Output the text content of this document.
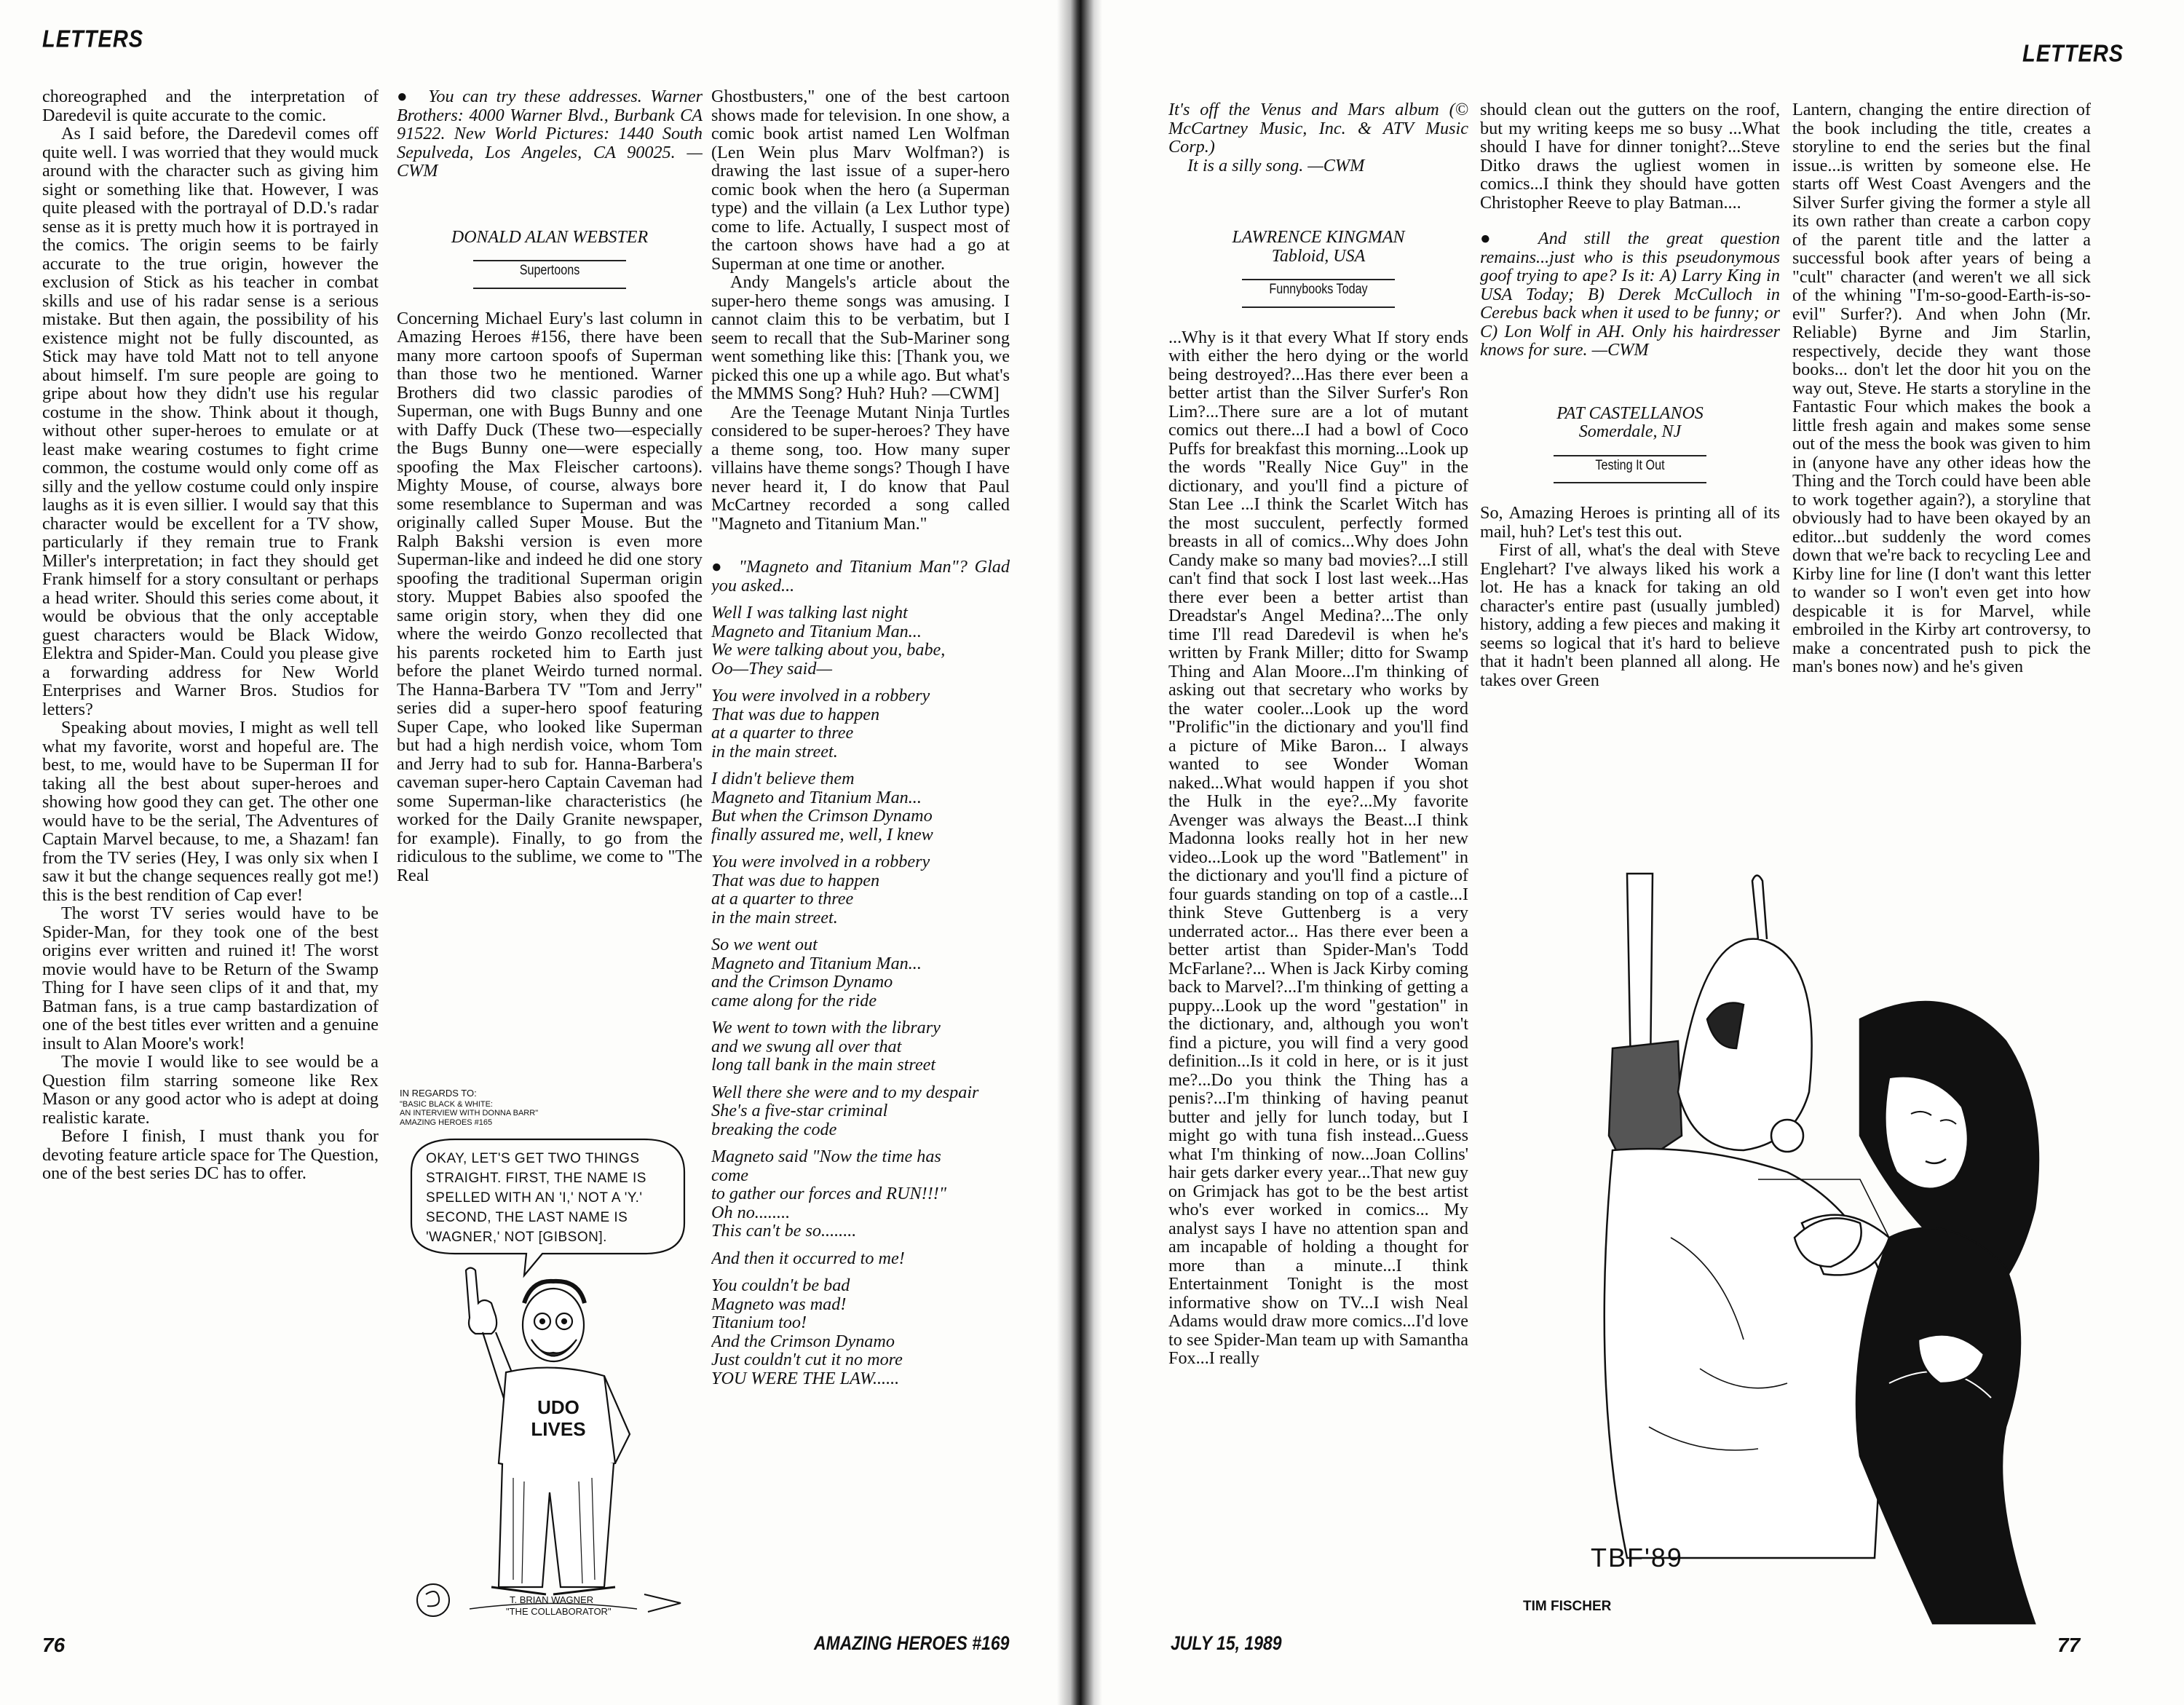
LETTERS

choreographed and the interpretation of Daredevil is quite accurate to the comic.

As I said before, the Daredevil comes off quite well. I was worried that they would muck around with the character such as giving him sight or something like that. However, I was quite pleased with the portrayal of D.D.'s radar sense as it is pretty much how it is portrayed in the comics. The origin seems to be fairly accurate to the true origin, however the exclusion of Stick as his teacher in combat skills and use of his radar sense is a serious mistake. But then again, the possibility of his existence might not be fully discounted, as Stick may have told Matt not to tell anyone about himself. I'm sure people are going to gripe about how they didn't use his regular costume in the show. Think about it though, without other super-heroes to emulate or at least make wearing costumes to fight crime common, the costume would only come off as silly and the yellow costume could only inspire laughs as it is even sillier. I would say that this character would be excellent for a TV show, particularly if they remain true to Frank Miller's interpretation; in fact they should get Frank himself for a story consultant or perhaps a head writer. Should this series come about, it would be obvious that the only acceptable guest characters would be Black Widow, Elektra and Spider-Man. Could you please give a forwarding address for New World Enterprises and Warner Bros. Studios for letters?

Speaking about movies, I might as well tell what my favorite, worst and hopeful are. The best, to me, would have to be Superman II for taking all the best about super-heroes and showing how good they can get. The other one would have to be the serial, The Adventures of Captain Marvel because, to me, a Shazam! fan from the TV series (Hey, I was only six when I saw it but the change sequences really got me!) this is the best rendition of Cap ever!

The worst TV series would have to be Spider-Man, for they took one of the best origins ever written and ruined it! The worst movie would have to be Return of the Swamp Thing for I have seen clips of it and that, my Batman fans, is a true camp bastardization of one of the best titles ever written and a genuine insult to Alan Moore's work!

The movie I would like to see would be a Question film starring someone like Rex Mason or any good actor who is adept at doing realistic karate.

Before I finish, I must thank you for devoting feature article space for The Question, one of the best series DC has to offer.

●  You can try these addresses. Warner Brothers: 4000 Warner Blvd., Burbank CA 91522. New World Pictures: 1440 South Sepulveda, Los Angeles, CA 90025. —CWM

DONALD ALAN WEBSTER

Supertoons

Concerning Michael Eury's last column in Amazing Heroes #156, there have been many more cartoon spoofs of Superman than those two he mentioned. Warner Brothers did two classic parodies of Superman, one with Bugs Bunny and one with Daffy Duck (These two—especially the Bugs Bunny one—were especially spoofing the Max Fleischer cartoons). Mighty Mouse, of course, always bore some resemblance to Superman and was originally called Super Mouse. But the Ralph Bakshi version is even more Superman-like and indeed he did one story spoofing the traditional Superman origin story. Muppet Babies also spoofed the same origin story, when they did one where the weirdo Gonzo recollected that his parents rocketed him to Earth just before the planet Weirdo turned normal. The Hanna-Barbera TV "Tom and Jerry" series did a super-hero spoof featuring Super Cape, who looked like Superman but had a high nerdish voice, whom Tom and Jerry had to sub for. Hanna-Barbera's caveman super-hero Captain Caveman had some Superman-like characteristics (he worked for the Daily Granite newspaper, for example). Finally, to go from the ridiculous to the sublime, we come to "The Real

IN REGARDS TO:
"BASIC BLACK & WHITE:
AN INTERVIEW WITH DONNA BARR"
AMAZING HEROES #165
OKAY, LET'S GET TWO THINGS
STRAIGHT. FIRST, THE NAME IS
SPELLED WITH AN 'I,' NOT A 'Y.'
SECOND, THE LAST NAME IS
'WAGNER,' NOT [GIBSON].
UDO
LIVES
T. BRIAN WAGNER
"THE COLLABORATOR"

Ghostbusters," one of the best cartoon shows made for television. In one show, a comic book artist named Len Wolfman (Len Wein plus Marv Wolfman?) is drawing the last issue of a super-hero comic book when the hero (a Superman type) and the villain (a Lex Luthor type) come to life. Actually, I suspect most of the cartoon shows have had a go at Superman at one time or another.

Andy Mangels's article about the super-hero theme songs was amusing. I cannot claim this to be verbatim, but I seem to recall that the Sub-Mariner song went something like this: [Thank you, we picked this one up a while ago. But what's the MMMS Song? Huh? Huh? —CWM]

Are the Teenage Mutant Ninja Turtles considered to be super-heroes? They have a theme song, too. How many super villains have theme songs? Though I have never heard it, I do know that Paul McCartney recorded a song called "Magneto and Titanium Man."

●  "Magneto and Titanium Man"? Glad you asked...

Well I was talking last night
Magneto and Titanium Man...
We were talking about you, babe,
Oo—They said—

You were involved in a robbery
That was due to happen
at a quarter to three
in the main street.

I didn't believe them
Magneto and Titanium Man...
But when the Crimson Dynamo
finally assured me, well, I knew

You were involved in a robbery
That was due to happen
at a quarter to three
in the main street.

So we went out
Magneto and Titanium Man...
and the Crimson Dynamo
came along for the ride

We went to town with the library
and we swung all over that
long tall bank in the main street

Well there she were and to my despair
She's a five-star criminal
breaking the code

Magneto said "Now the time has
come
to gather our forces and RUN!!!"
Oh no........
This can't be so........

And then it occurred to me!

You couldn't be bad
Magneto was mad!
Titanium too!
And the Crimson Dynamo
Just couldn't cut it no more
YOU WERE THE LAW......

76	AMAZING HEROES #169
LETTERS

It's off the Venus and Mars album (© McCartney Music, Inc. & ATV Music Corp.)

It is a silly song. —CWM

LAWRENCE KINGMAN

Tabloid, USA

Funnybooks Today

...Why is it that every What If story ends with either the hero dying or the world being destroyed?...Has there ever been a better artist than the Silver Surfer's Ron Lim?...There sure are a lot of mutant comics out there...I had a bowl of Coco Puffs for breakfast this morning...Look up the words "Really Nice Guy" in the dictionary, and you'll find a picture of Stan Lee ...I think the Scarlet Witch has the most succulent, perfectly formed breasts in all of comics...Why does John Candy make so many bad movies?...I still can't find that sock I lost last week...Has there ever been a better artist than Dreadstar's Angel Medina?...The only time I'll read Daredevil is when he's written by Frank Miller; ditto for Swamp Thing and Alan Moore...I'm thinking of asking out that secretary who works by the water cooler...Look up the word "Prolific"in the dictionary and you'll find a picture of Mike Baron... I always wanted to see Wonder Woman naked...What would happen if you shot the Hulk in the eye?...My favorite Avenger was always the Beast...I think Madonna looks really hot in her new video...Look up the word "Batlement" in the dictionary and you'll find a picture of four guards standing on top of a castle...I think Steve Guttenberg is a very underrated actor... Has there ever been a better artist than Spider-Man's Todd McFarlane?... When is Jack Kirby coming back to Marvel?...I'm thinking of getting a puppy...Look up the word "gestation" in the dictionary, and, although you won't find a picture, you will find a very good definition...Is it cold in here, or is it just me?...Do you think the Thing has a penis?...I'm thinking of having peanut butter and jelly for lunch today, but I might go with tuna fish instead...Guess what I'm thinking of now...Joan Collins' hair gets darker every year...That new guy on Grimjack has got to be the best artist who's ever worked in comics... My analyst says I have no attention span and am incapable of holding a thought for more than a minute...I think Entertainment Tonight is the most informative show on TV...I wish Neal Adams would draw more comics...I'd love to see Spider-Man team up with Samantha Fox...I really

should clean out the gutters on the roof, but my writing keeps me so busy ...What should I have for dinner tonight?...Steve Ditko draws the ugliest women in comics...I think they should have gotten Christopher Reeve to play Batman....

●  And still the great question remains...just who is this pseudonymous goof trying to ape? Is it: A) Larry King in USA Today; B) Derek McCulloch in Cerebus back when it used to be funny; or C) Lon Wolf in AH. Only his hairdresser knows for sure. —CWM

PAT CASTELLANOS

Somerdale, NJ

Testing It Out

So, Amazing Heroes is printing all of its mail, huh? Let's test this out.

First of all, what's the deal with Steve Englehart? I've always liked his work a lot. He has a knack for taking an old character's entire past (usually jumbled) history, adding a few pieces and making it seems so logical that it's hard to believe that it hadn't been planned all along. He takes over Green

Lantern, changing the entire direction of the book including the title, creates a storyline to end the series but the final issue...is written by someone else. He starts off West Coast Avengers and the Silver Surfer giving the former a style all its own rather than create a carbon copy of the parent title and the latter a successful book after years of being a "cult" character (and weren't we all sick of the whining "I'm-so-good-Earth-is-so-evil" Surfer?). And when John (Mr. Reliable) Byrne and Jim Starlin, respectively, decide they want those books... don't let the door hit you on the way out, Steve. He starts a storyline in the Fantastic Four which makes the book a little fresh again and makes some sense out of the mess the book was given to him in (anyone have any other ideas how the Thing and the Torch could have been able to work together again?), a storyline that obviously had to have been okayed by an editor...but suddenly the word comes down that we're back to recycling Lee and Kirby line for line (I don't want this letter to wander so I won't even get into how despicable it is for Marvel, while embroiled in the Kirby art controversy, to make a concentrated push to pick the man's bones now) and he's given

TBF'89
TIM FISCHER
JULY 15, 1989	77
